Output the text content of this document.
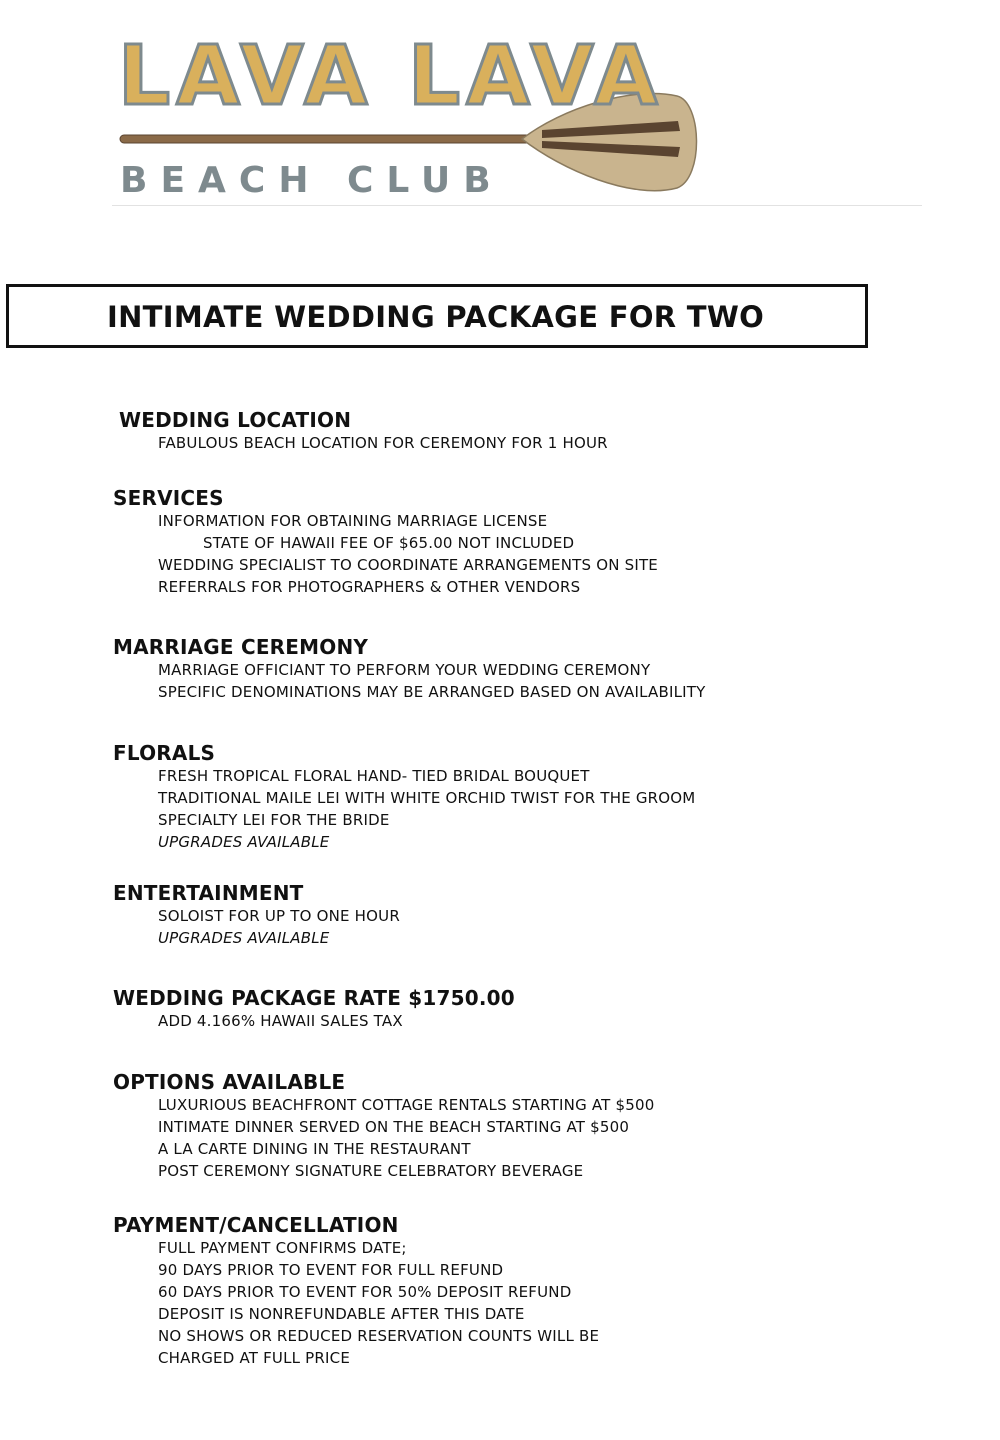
LAVA LAVA
BEACH CLUB
INTIMATE WEDDING PACKAGE FOR TWO
WEDDING LOCATION
FABULOUS BEACH LOCATION FOR CEREMONY FOR 1 HOUR
SERVICES
INFORMATION FOR OBTAINING MARRIAGE LICENSE
STATE OF HAWAII FEE OF $65.00 NOT INCLUDED
WEDDING SPECIALIST TO COORDINATE ARRANGEMENTS ON SITE
REFERRALS FOR PHOTOGRAPHERS & OTHER VENDORS
MARRIAGE CEREMONY
MARRIAGE OFFICIANT TO PERFORM YOUR WEDDING CEREMONY
SPECIFIC DENOMINATIONS MAY BE ARRANGED BASED ON AVAILABILITY
FLORALS
FRESH TROPICAL FLORAL HAND- TIED BRIDAL BOUQUET
TRADITIONAL MAILE LEI WITH WHITE ORCHID TWIST FOR THE GROOM
SPECIALTY LEI FOR THE BRIDE
UPGRADES AVAILABLE
ENTERTAINMENT
SOLOIST FOR UP TO ONE HOUR
UPGRADES AVAILABLE
WEDDING PACKAGE RATE $1750.00
ADD 4.166% HAWAII SALES TAX
OPTIONS AVAILABLE
LUXURIOUS BEACHFRONT COTTAGE RENTALS STARTING AT $500
INTIMATE DINNER SERVED ON THE BEACH STARTING AT $500
A LA CARTE DINING IN THE RESTAURANT
POST CEREMONY SIGNATURE CELEBRATORY BEVERAGE
PAYMENT/CANCELLATION
FULL PAYMENT CONFIRMS DATE;
90 DAYS PRIOR TO EVENT FOR FULL REFUND
60 DAYS PRIOR TO EVENT FOR 50% DEPOSIT REFUND
DEPOSIT IS NONREFUNDABLE AFTER THIS DATE
NO SHOWS OR REDUCED RESERVATION COUNTS WILL BE
CHARGED AT FULL PRICE
